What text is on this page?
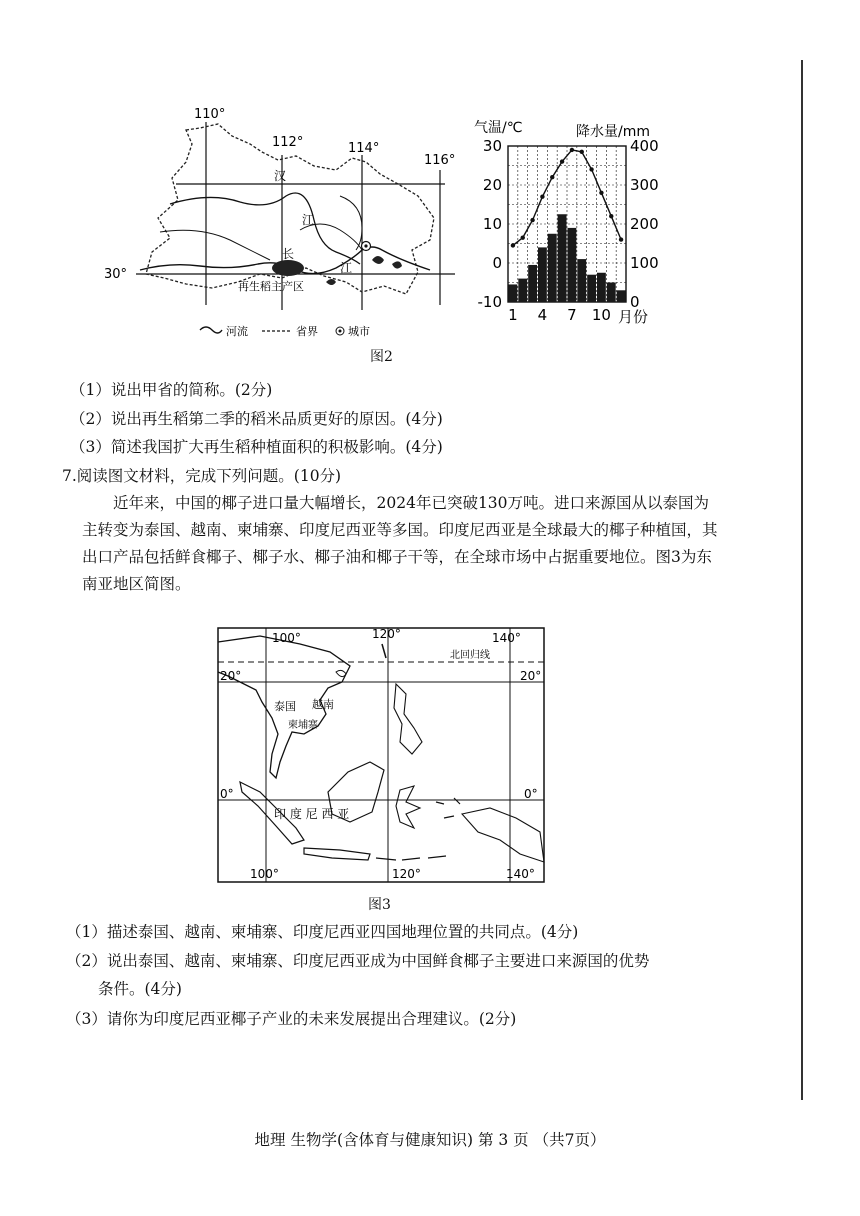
110°
112°	114°
116°
30°
汉
江
长
江
再生稻主产区
河流	省界	城市
气温/℃	降水量/mm
月份
30
20
10
0
-10
400
300
200
100
0
1 4 7 10
图2
（1）说出甲省的简称。(2分)
（2）说出再生稻第二季的稻米品质更好的原因。(4分)
（3）简述我国扩大再生稻种植面积的积极影响。(4分)
7.阅读图文材料，完成下列问题。(10分)
近年来，中国的椰子进口量大幅增长，2024年已突破130万吨。进口来源国从以泰国为主转变为泰国、越南、柬埔寨、印度尼西亚等多国。印度尼西亚是全球最大的椰子种植国，其出口产品包括鲜食椰子、椰子水、椰子油和椰子干等，在全球市场中占据重要地位。图3为东南亚地区简图。
100°	120°	140°
100°	120°	140°
20°
0°
20°
0°
北回归线
泰国 越南
柬埔寨
印 度 尼 西 亚
图3
（1）描述泰国、越南、柬埔寨、印度尼西亚四国地理位置的共同点。(4分)
（2）说出泰国、越南、柬埔寨、印度尼西亚成为中国鲜食椰子主要进口来源国的优势
条件。(4分)
（3）请你为印度尼西亚椰子产业的未来发展提出合理建议。(2分)
地理 生物学(含体育与健康知识) 第 3 页 （共7页）
